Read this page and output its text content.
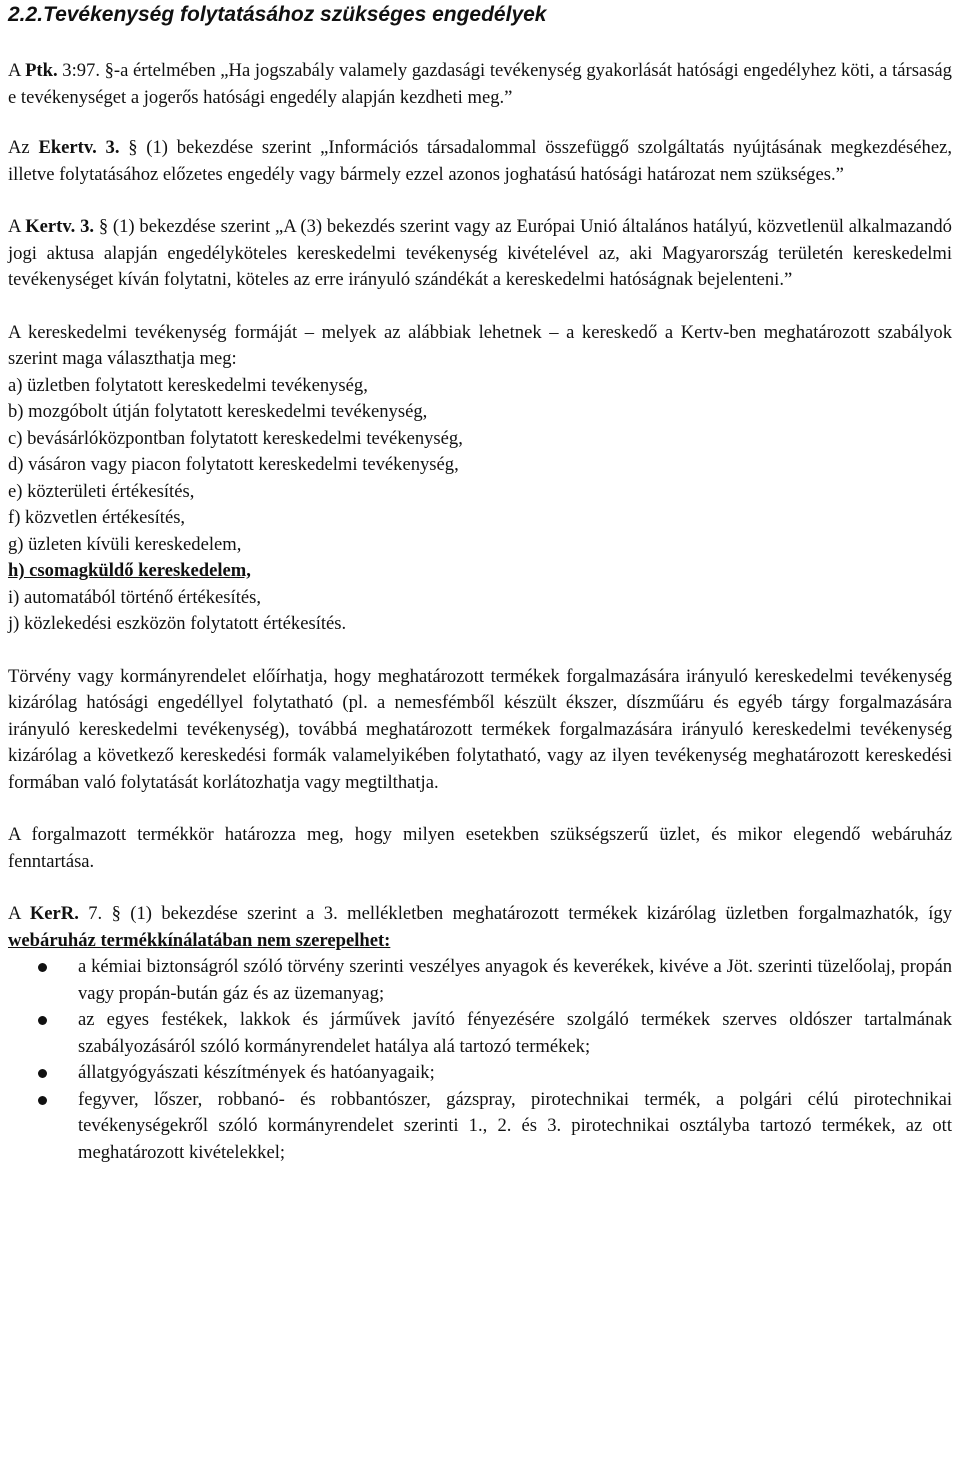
2.2.Tevékenység folytatásához szükséges engedélyek

A Ptk. 3:97. §-a értelmében „Ha jogszabály valamely gazdasági tevékenység gyakorlását hatósági engedélyhez köti, a társaság e tevékenységet a jogerős hatósági engedély alapján kezdheti meg.”

Az Ekertv. 3. § (1) bekezdése szerint „Információs társadalommal összefüggő szolgáltatás nyújtásának megkezdéséhez, illetve folytatásához előzetes engedély vagy bármely ezzel azonos joghatású hatósági határozat nem szükséges.”

A Kertv. 3. § (1) bekezdése szerint „A (3) bekezdés szerint vagy az Európai Unió általános hatályú, közvetlenül alkalmazandó jogi aktusa alapján engedélyköteles kereskedelmi tevékenység kivételével az, aki Magyarország területén kereskedelmi tevékenységet kíván folytatni, köteles az erre irányuló szándékát a kereskedelmi hatóságnak bejelenteni.”

A kereskedelmi tevékenység formáját – melyek az alábbiak lehetnek – a kereskedő a Kertv-ben meghatározott szabályok szerint maga választhatja meg:

a) üzletben folytatott kereskedelmi tevékenység,

b) mozgóbolt útján folytatott kereskedelmi tevékenység,

c) bevásárlóközpontban folytatott kereskedelmi tevékenység,

d) vásáron vagy piacon folytatott kereskedelmi tevékenység,

e) közterületi értékesítés,

f) közvetlen értékesítés,

g) üzleten kívüli kereskedelem,

h) csomagküldő kereskedelem,

i) automatából történő értékesítés,

j) közlekedési eszközön folytatott értékesítés.

Törvény vagy kormányrendelet előírhatja, hogy meghatározott termékek forgalmazására irányuló kereskedelmi tevékenység kizárólag hatósági engedéllyel folytatható (pl. a nemesfémből készült ékszer, díszműáru és egyéb tárgy forgalmazására irányuló kereskedelmi tevékenység), továbbá meghatározott termékek forgalmazására irányuló kereskedelmi tevékenység kizárólag a következő kereskedési formák valamelyikében folytatható, vagy az ilyen tevékenység meghatározott kereskedési formában való folytatását korlátozhatja vagy megtilthatja.

A forgalmazott termékkör határozza meg, hogy milyen esetekben szükségszerű üzlet, és mikor elegendő webáruház fenntartása.

A KerR. 7. § (1) bekezdése szerint a 3. mellékletben meghatározott termékek kizárólag üzletben forgalmazhatók, így webáruház termékkínálatában nem szerepelhet:

a kémiai biztonságról szóló törvény szerinti veszélyes anyagok és keverékek, kivéve a Jöt. szerinti tüzelőolaj, propán vagy propán-bután gáz és az üzemanyag;
az egyes festékek, lakkok és járművek javító fényezésére szolgáló termékek szerves oldószer tartalmának szabályozásáról szóló kormányrendelet hatálya alá tartozó termékek;
állatgyógyászati készítmények és hatóanyagaik;
fegyver, lőszer, robbanó- és robbantószer, gázspray, pirotechnikai termék, a polgári célú pirotechnikai tevékenységekről szóló kormányrendelet szerinti 1., 2. és 3. pirotechnikai osztályba tartozó termékek, az ott meghatározott kivételekkel;
